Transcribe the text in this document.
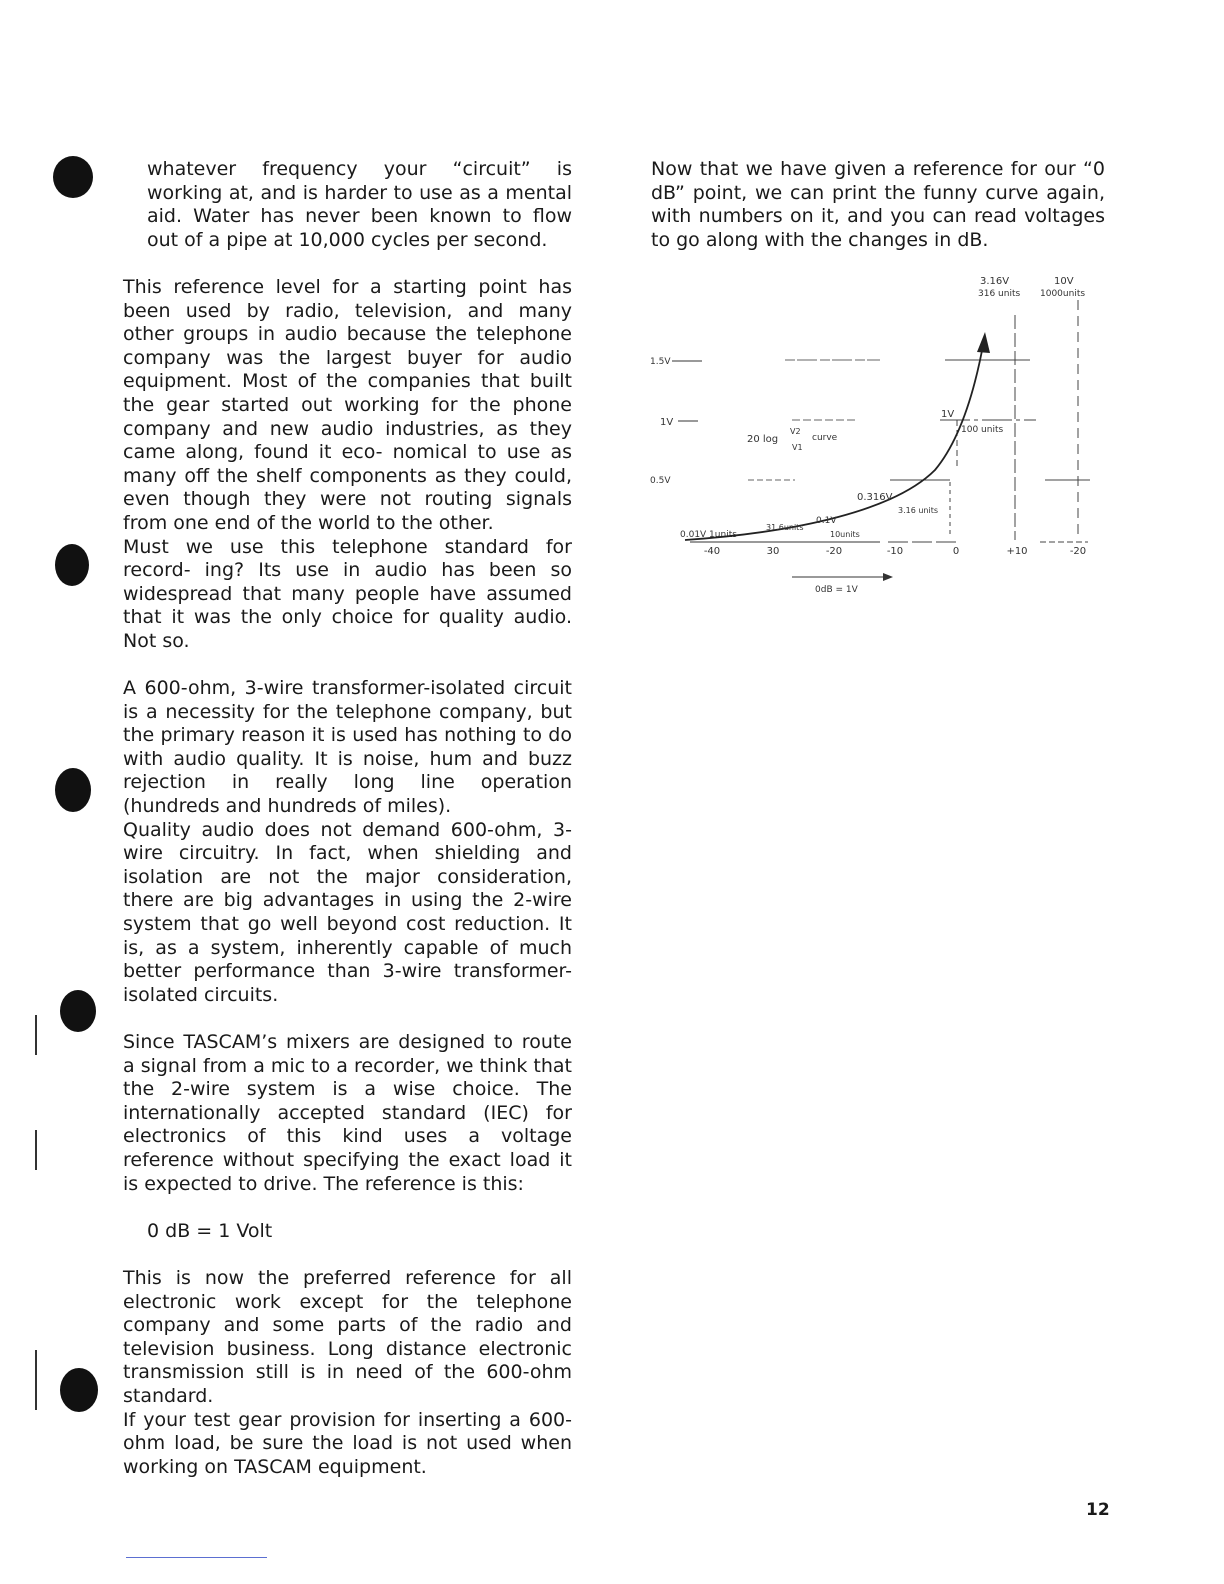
whatever frequency your “circuit” is working at, and is harder to use as a mental aid. Water has never been known to flow out of a pipe at 10,000 cycles per second.

This reference level for a starting point has been used by radio, television, and many other groups in audio because the telephone company was the largest buyer for audio equipment. Most of the companies that built the gear started out working for the phone company and new audio industries, as they came along, found it eco- nomical to use as many off the shelf components as they could, even though they were not routing signals from one end of the world to the other.

Must we use this telephone standard for record- ing? Its use in audio has been so widespread that many people have assumed that it was the only choice for quality audio. Not so.

A 600-ohm, 3-wire transformer-isolated circuit is a necessity for the telephone company, but the primary reason it is used has nothing to do with audio quality. It is noise, hum and buzz rejection in really long line operation (hundreds and hundreds of miles).

Quality audio does not demand 600-ohm, 3-wire circuitry. In fact, when shielding and isolation are not the major consideration, there are big advantages in using the 2-wire system that go well beyond cost reduction. It is, as a system, inherently capable of much better performance than 3-wire transformer-isolated circuits.

Since TASCAM’s mixers are designed to route a signal from a mic to a recorder, we think that the 2-wire system is a wise choice. The internationally accepted standard (IEC) for electronics of this kind uses a voltage reference without specifying the exact load it is expected to drive. The reference is this:

0 dB = 1 Volt

This is now the preferred reference for all electronic work except for the telephone company and some parts of the radio and television business. Long distance electronic transmission still is in need of the 600-ohm standard.

If your test gear provision for inserting a 600-ohm load, be sure the load is not used when working on TASCAM equipment.

Now that we have given a reference for our “0 dB” point, we can print the funny curve again, with numbers on it, and you can read voltages to go along with the changes in dB.

3.16V
316 units
10V
1000units
1.5V
1V
0.5V
0.01V 1units
1V
100 units
0.316V
3.16 units
0.1V
10units
31.6units
20 log
V2
V1
curve
-40	30	-20	-10	0	+10	-20
0dB = 1V
12
